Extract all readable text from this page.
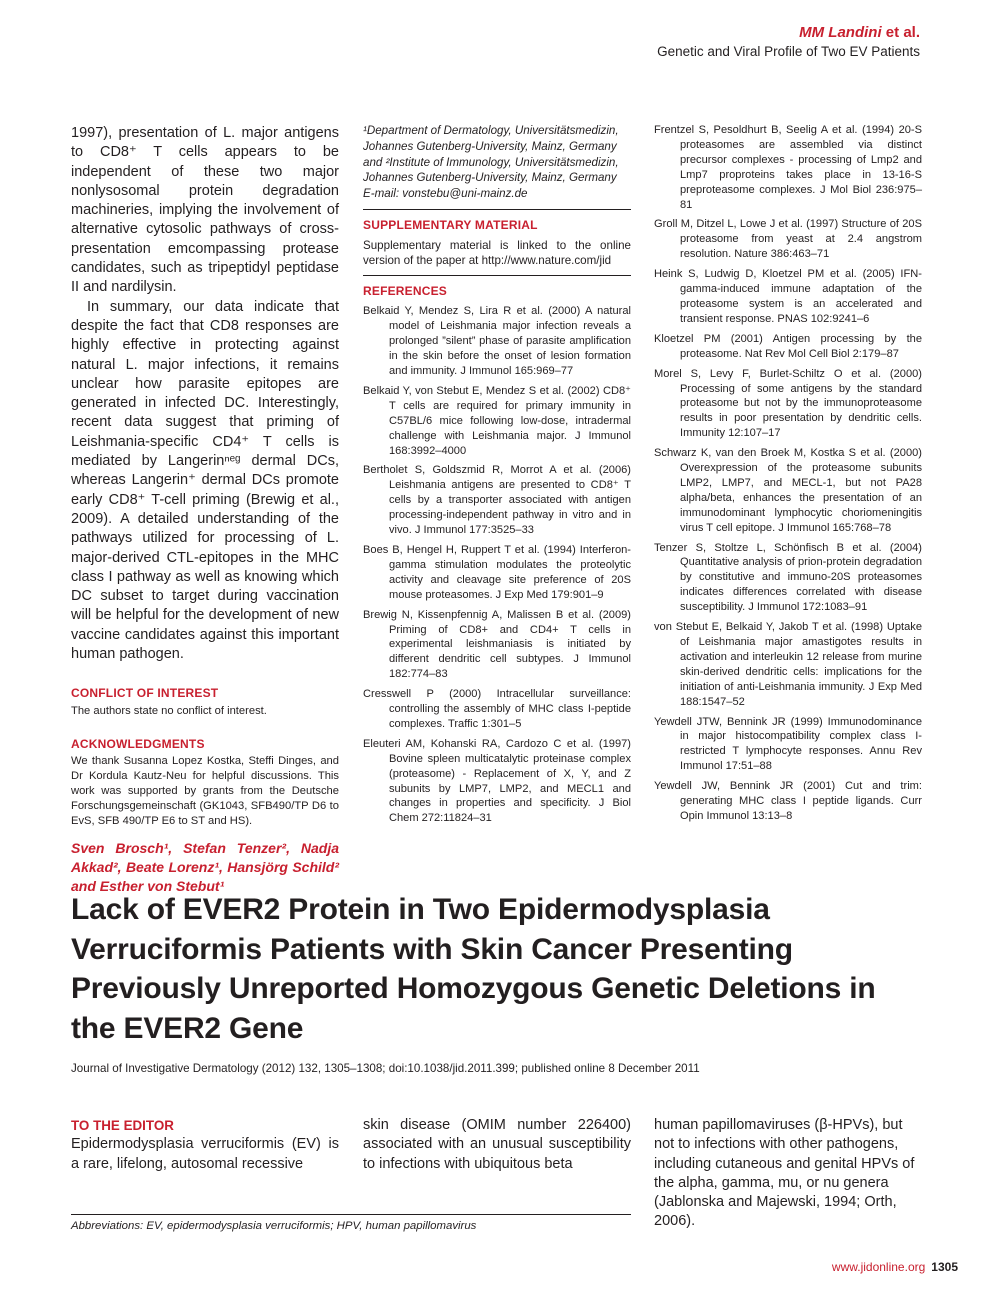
MM Landini et al.
Genetic and Viral Profile of Two EV Patients

1997), presentation of L. major antigens to CD8⁺ T cells appears to be independent of these two major nonlysosomal protein degradation machineries, implying the involvement of alternative cytosolic pathways of cross-presentation emcompassing protease candidates, such as tripeptidyl peptidase II and nardilysin.

In summary, our data indicate that despite the fact that CD8 responses are highly effective in protecting against natural L. major infections, it remains unclear how parasite epitopes are generated in infected DC. Interestingly, recent data suggest that priming of Leishmania-specific CD4⁺ T cells is mediated by Langerinⁿᵉᵍ dermal DCs, whereas Langerin⁺ dermal DCs promote early CD8⁺ T-cell priming (Brewig et al., 2009). A detailed understanding of the pathways utilized for processing of L. major-derived CTL-epitopes in the MHC class I pathway as well as knowing which DC subset to target during vaccination will be helpful for the development of new vaccine candidates against this important human pathogen.

CONFLICT OF INTEREST

The authors state no conflict of interest.

ACKNOWLEDGMENTS

We thank Susanna Lopez Kostka, Steffi Dinges, and Dr Kordula Kautz-Neu for helpful discussions. This work was supported by grants from the Deutsche Forschungsgemeinschaft (GK1043, SFB490/TP D6 to EvS, SFB 490/TP E6 to ST and HS).

Sven Brosch¹, Stefan Tenzer², Nadja Akkad², Beate Lorenz¹, Hansjörg Schild² and Esther von Stebut¹

¹Department of Dermatology, Universitätsmedizin, Johannes Gutenberg-University, Mainz, Germany and ²Institute of Immunology, Universitätsmedizin, Johannes Gutenberg-University, Mainz, Germany

E-mail: vonstebu@uni-mainz.de

SUPPLEMENTARY MATERIAL

Supplementary material is linked to the online version of the paper at http://www.nature.com/jid

REFERENCES

Belkaid Y, Mendez S, Lira R et al. (2000) A natural model of Leishmania major infection reveals a prolonged ”silent” phase of parasite amplification in the skin before the onset of lesion formation and immunity. J Immunol 165:969–77

Belkaid Y, von Stebut E, Mendez S et al. (2002) CD8⁺ T cells are required for primary immunity in C57BL/6 mice following low-dose, intradermal challenge with Leishmania major. J Immunol 168:3992–4000

Bertholet S, Goldszmid R, Morrot A et al. (2006) Leishmania antigens are presented to CD8⁺ T cells by a transporter associated with antigen processing-independent pathway in vitro and in vivo. J Immunol 177:3525–33

Boes B, Hengel H, Ruppert T et al. (1994) Interferon-gamma stimulation modulates the proteolytic activity and cleavage site preference of 20S mouse proteasomes. J Exp Med 179:901–9

Brewig N, Kissenpfennig A, Malissen B et al. (2009) Priming of CD8+ and CD4+ T cells in experimental leishmaniasis is initiated by different dendritic cell subtypes. J Immunol 182:774–83

Cresswell P (2000) Intracellular surveillance: controlling the assembly of MHC class I-peptide complexes. Traffic 1:301–5

Eleuteri AM, Kohanski RA, Cardozo C et al. (1997) Bovine spleen multicatalytic proteinase complex (proteasome) - Replacement of X, Y, and Z subunits by LMP7, LMP2, and MECL1 and changes in properties and specificity. J Biol Chem 272:11824–31

Frentzel S, Pesoldhurt B, Seelig A et al. (1994) 20-S proteasomes are assembled via distinct precursor complexes - processing of Lmp2 and Lmp7 proproteins takes place in 13-16-S preproteasome complexes. J Mol Biol 236:975–81

Groll M, Ditzel L, Lowe J et al. (1997) Structure of 20S proteasome from yeast at 2.4 angstrom resolution. Nature 386:463–71

Heink S, Ludwig D, Kloetzel PM et al. (2005) IFN-gamma-induced immune adaptation of the proteasome system is an accelerated and transient response. PNAS 102:9241–6

Kloetzel PM (2001) Antigen processing by the proteasome. Nat Rev Mol Cell Biol 2:179–87

Morel S, Levy F, Burlet-Schiltz O et al. (2000) Processing of some antigens by the standard proteasome but not by the immunoproteasome results in poor presentation by dendritic cells. Immunity 12:107–17

Schwarz K, van den Broek M, Kostka S et al. (2000) Overexpression of the proteasome subunits LMP2, LMP7, and MECL-1, but not PA28 alpha/beta, enhances the presentation of an immunodominant lymphocytic choriomeningitis virus T cell epitope. J Immunol 165:768–78

Tenzer S, Stoltze L, Schönfisch B et al. (2004) Quantitative analysis of prion-protein degradation by constitutive and immuno-20S proteasomes indicates differences correlated with disease susceptibility. J Immunol 172:1083–91

von Stebut E, Belkaid Y, Jakob T et al. (1998) Uptake of Leishmania major amastigotes results in activation and interleukin 12 release from murine skin-derived dendritic cells: implications for the initiation of anti-Leishmania immunity. J Exp Med 188:1547–52

Yewdell JTW, Bennink JR (1999) Immunodominance in major histocompatibility complex class I-restricted T lymphocyte responses. Annu Rev Immunol 17:51–88

Yewdell JW, Bennink JR (2001) Cut and trim: generating MHC class I peptide ligands. Curr Opin Immunol 13:13–8

Lack of EVER2 Protein in Two Epidermodysplasia Verruciformis Patients with Skin Cancer Presenting Previously Unreported Homozygous Genetic Deletions in the EVER2 Gene
Journal of Investigative Dermatology (2012) 132, 1305–1308; doi:10.1038/jid.2011.399; published online 8 December 2011

TO THE EDITOR

Epidermodysplasia verruciformis (EV) is a rare, lifelong, autosomal recessive

skin disease (OMIM number 226400) associated with an unusual susceptibility to infections with ubiquitous beta

human papillomaviruses (β-HPVs), but not to infections with other pathogens, including cutaneous and genital HPVs of the alpha, gamma, mu, or nu genera (Jablonska and Majewski, 1994; Orth, 2006).

Abbreviations: EV, epidermodysplasia verruciformis; HPV, human papillomavirus
www.jidonline.org 1305
